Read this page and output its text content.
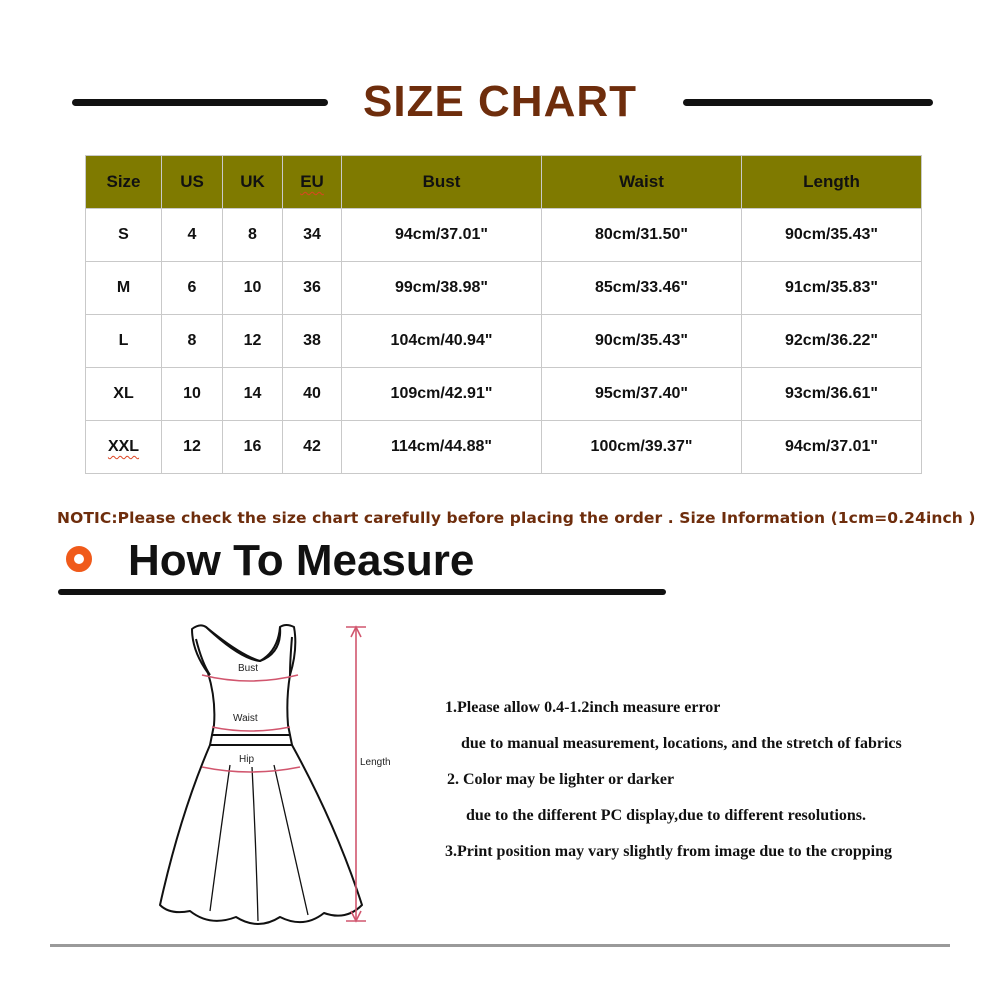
SIZE CHART
Size	US	UK	EU	Bust	Waist	Length
S	4	8	34	94cm/37.01"	80cm/31.50"	90cm/35.43"
M	6	10	36	99cm/38.98"	85cm/33.46"	91cm/35.83"
L	8	12	38	104cm/40.94"	90cm/35.43"	92cm/36.22"
XL	10	14	40	109cm/42.91"	95cm/37.40"	93cm/36.61"
XXL	12	16	42	114cm/44.88"	100cm/39.37"	94cm/37.01"
NOTIC:Please check the size chart carefully before placing the order . Size Information (1cm=0.24inch )
How To Measure
Bust
Waist
Hip	Length
1.Please allow 0.4-1.2inch measure error
due to manual measurement, locations, and the stretch of fabrics
2. Color may be lighter or darker
due to the different PC display,due to different resolutions.
3.Print position may vary slightly from image due to the cropping
